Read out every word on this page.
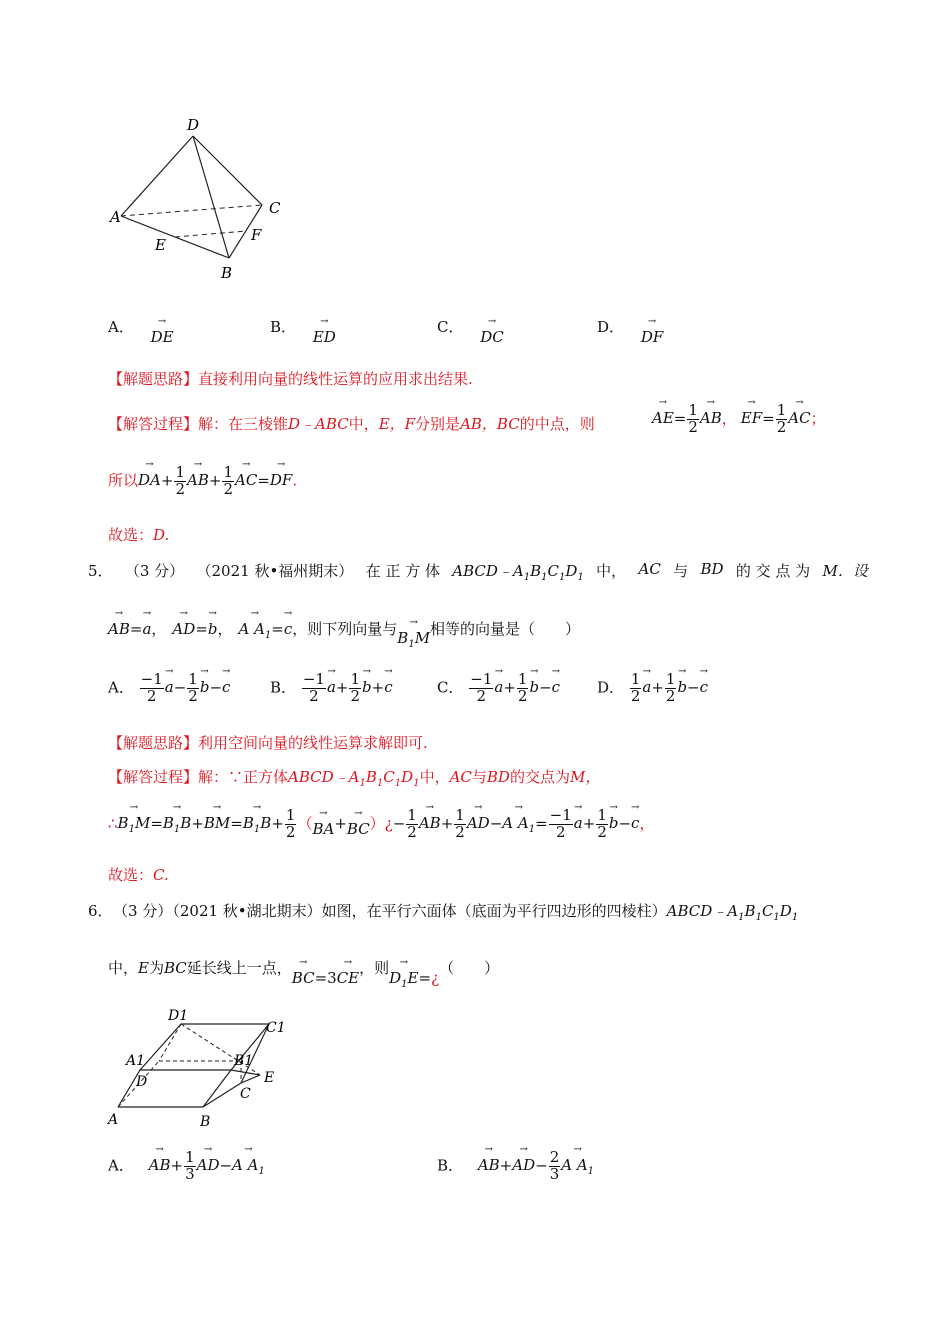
D
A	C
E
F
B
A． → DE
B． → ED
C． → DC
D． → DF
【解题思路】直接利用向量的线性运算的应用求出结果.
【解答过程】解：在三棱锥D﹣ABC中，E，F分别是AB，BC的中点，则
→	$AE= \frac{1}{2}$
→ AB，→ $EF= \frac{1}{2}$
→ AC；
所以→ $DA+ \frac{1}{2}$
→ $AB+ \frac{1}{2}$
→ AC=→ DF.
故选：D.
5． （3 分） （2021 秋•福州期末） 在 正 方 体 $ABCD﹣A_1B_1C_1D_1$ 中， AC 与 BD 的 交 点 为 M．设
→ AB=→ a，→ AD=→ b，→ A $A_1=\to c$，则下列向量与→ $B_1M$相等的向量是（　　）
A． $\frac{-1}{2}$
→ $a- \frac{1}{2}$
→ b−→ c	B． $\frac{-1}{2}$
→ $a+ \frac{1}{2}$
→ b+→ c	C． $\frac{-1}{2}$
→ $a+ \frac{1}{2}$
→ b−→ c D． $\frac{1}{2}$
→ $a+ \frac{1}{2}$
→ b−→ c
【解题思路】利用空间向量的线性运算求解即可.
【解答过程】解：∵正方体$ABCD﹣A_1B_1C_1D_1$中，AC与BD的交点为M，
∴→ $B_1M=\to B_1B+\to BM=\to B_1B+ \frac{1}{2}$ （→ BA+→ BC）¿− $\frac{1}{2}$
→ $AB+ \frac{1}{2}$
→ AD−→ A $A_1= \frac{-1}{2}$
→ $a+ \frac{1}{2}$
→ b−→ c，
故选：C.
6． （3 分）（2021 秋•湖北期末）如图，在平行六面体（底面为平行四边形的四棱柱）$ABCD﹣A_1B_1C_1D_1$
中，E为BC延长线上一点，→ BC=3→ CE，则→ $D_1E=¿$（　　）
D1
C1
A1	B1
D	E
C
A	B
A． → $AB+ \frac{1}{3}$
→ AD−→ A $A_1$	B． → $AB+\to AD- \frac{2}{3}$
→ A $A_1$
